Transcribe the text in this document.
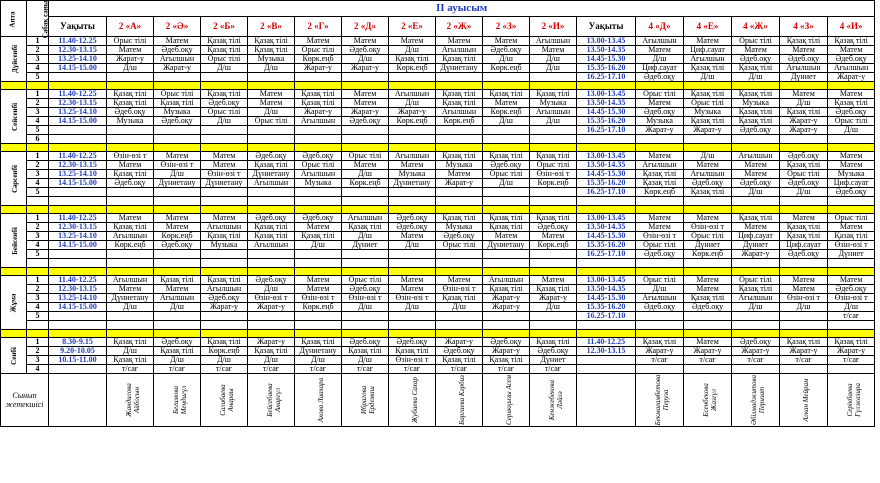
Апта	Сабақ саны	II ауысым																
		Уақыты	2 «А»	2 «Ә»	2 «Б»	2 «В»	2 «Г»	2 «Д»	2 «Е»	2 «Ж»	2 «З»	2 «И»	Уақыты	4 «Д»	4 «Е»	4 «Ж»	4 «З»	4 «И»
Дүйсенбі	1	11.40-12.25	Орыс тілі	Матем	Қазақ тілі	Қазақ тілі	Матем	Матем	Матем	Матем	Матем	Ағылшын	13.00-13.45	Ағылшын	Матем	Орыс тілі	Қазақ тілі	Қазақ тілі
	2	12.30-13.15	Матем	Әдеб.оқу	Қазақ тілі	Қазақ тілі	Орыс тілі	Әдеб.оқу	Д/ш	Ағылшын	Әдеб.оқу	Матем	13.50-14.35	Матем	Циф.сауат	Матем	Матем	Матем
	3	13.25-14.10	Жарат-у	Ағылшын	Орыс тілі	Музыка	Көрк.еңб	Д/ш	Қазақ тілі	Қазақ тілі	Д/ш	Д/ш	14.45-15.30	Д/ш	Ағылшын	Әдеб.оқу	Әдеб.оқу	Әдеб.оқу
	4	14.15-15.00	Д/ш	Жарат-у	Д/ш	Д/ш	Жарат-у	Жарат-у	Көрк.еңб	Дүниетану	Көрк.еңб	Д/ш	15.35-16.20	Циф.сауат	Қазақ тілі	Қазақ тілі	Ағылшын	Ағылшын
	5												16.25-17.10	Әдеб.оқу	Д/ш	Д/ш	Дүниет	Жарат-у

Сейсенбі	1	11.40-12.25	Қазақ тілі	Орыс тілі	Қазақ тілі	Матем	Қазақ тілі	Матем	Ағылшын	Қазақ тілі	Қазақ тілі	Қазақ тілі	13.00-13.45	Орыс тілі	Қазақ тілі	Қазақ тілі	Матем	Матем
	2	12.30-13.15	Қазақ тілі	Қазақ тілі	Әдеб.оқу	Матем	Қазақ тілі	Матем	Д/ш	Қазақ тілі	Матем	Музыка	13.50-14.35	Матем	Орыс тілі	Музыка	Д/ш	Қазақ тілі
	3	13.25-14.10	Әдеб.оқу	Музыка	Орыс тілі	Д/ш	Жарат-у	Жарат-у	Жарат-у	Ағылшын	Көрк.еңб	Ағылшын	14.45-15.30	Әдеб.оқу	Музыка	Қазақ тілі	Қазақ тілі	Әдеб.оқу
	4	14.15-15.00	Музыка	Әдеб.оқу	Д/ш	Орыс тілі	Ағылшын	Әдеб.оқу	Көрк.еңб	Көрк.еңб	Д/ш	Д/ш	15.35-16.20	Музыка	Қазақ тілі	Қазақ тілі	Жарат-у	Орыс тілі
	5												16.25-17.10	Жарат-у	Жарат-у	Әдеб.оқу	Жарат-у	Д/ш
	6																	

Сәрсенбі	1	11.40-12.25	Өзін-өзі т	Матем	Матем	Әдеб.оқу	Әдеб.оқу	Орыс тілі	Ағылшын	Қазақ тілі	Қазақ тілі	Қазақ тілі	13.00-13.45	Матем	Д/ш	Ағылшын	Әдеб.оқу	Матем
	2	12.30-13.15	Матем	Өзін-өзі т	Матем	Қазақ тілі	Орыс тілі	Матем	Матем	Музыка	Әдеб.оқу	Орыс тілі	13.50-14.35	Ағылшын	Матем	Матем	Қазақ тілі	Матем
	3	13.25-14.10	Қазақ тілі	Д/ш	Өзін-өзі т	Дүниетану	Ағылшын	Д/ш	Музыка	Матем	Орыс тілі	Өзін-өзі т	14.45-15.30	Қазақ тілі	Ағылшын	Матем	Орыс тілі	Музыка
	4	14.15-15.00	Әдеб.оқу	Дүниетану	Дүниетану	Ағылшын	Музыка	Көрк.еңб	Дүниетану	Жарат-у	Д/ш	Көрк.еңб	15.35-16.20	Қазақ тілі	Әдеб.оқу	Әдеб.оқу	Әдеб.оқу	Циф.сауат
	5												16.25-17.10	Көрк.еңб	Қазақ тілі	Д/ш	Д/ш	Әдеб.оқу

Бейсенбі	1	11.40-12.25	Матем	Матем	Матем	Әдеб.оқу	Әдеб.оқу	Ағылшын	Әдеб.оқу	Қазақ тілі	Қазақ тілі	Қазақ тілі	13.00-13.45	Матем	Матем	Қазақ тілі	Матем	Орыс тілі
	2	12.30-13.15	Қазақ тілі	Матем	Ағылшын	Қазақ тілі	Матем	Қазақ тілі	Әдеб.оқу	Музыка	Қазақ тілі	Әдеб.оқу	13.50-14.35	Матем	Өзін-өзі т	Матем	Қазақ тілі	Матем
	3	13.25-14.10	Ағылшын	Көрк.еңб	Қазақ тілі	Қазақ тілі	Қазақ тілі	Д/ш	Матем	Әдеб.оқу	Матем	Матем	14.45-15.30	Өзін-өзі т	Орыс тілі	Циф.сауат	Қазақ тілі	Қазақ тілі
	4	14.15-15.00	Көрк.еңб	Әдеб.оқу	Музыка	Ағылшын	Д/ш	Дүниет	Д/ш	Орыс тілі	Дүниетану	Көрк.еңб	15.35-16.20	Орыс тілі	Дүниет	Дүниет	Циф.сауат	Өзін-өзі т
	5												16.25-17.10	Әдеб.оқу	Көрк.еңб	Жарат-у	Әдеб.оқу	Дүниет

Жұма	1	11.40-12.25	Ағылшын	Қазақ тілі	Қазақ тілі	Әдеб.оқу	Матем	Орыс тілі	Матем	Матем	Ағылшын	Матем	13.00-13.45	Орыс тілі	Матем	Орыс тілі	Матем	Матем
	2	12.30-13.15	Матем	Матем	Ағылшын	Д/ш	Матем	Әдеб.оқу	Матем	Өзін-өзі т	Қазақ тілі	Қазақ тілі	13.50-14.35	Д/ш	Матем	Қазақ тілі	Матем	Әдеб.оқу
	3	13.25-14.10	Дүниетану	Ағылшын	Әдеб.оқу	Өзін-өзі т	Өзін-өзі т	Өзін-өзі т	Өзін-өзі т	Қазақ тілі	Жарат-у	Жарат-у	14.45-15.30	Ағылшын	Қазақ тілі	Ағылшын	Өзін-өзі т	Өзін-өзі т
	4	14.15-15.00	Д/ш	Д/ш	Жарат-у	Жарат-у	Көрк.еңб	Д/ш	Д/ш	Д/ш	Жарат-у	Д/ш	15.35-16.20	Әдеб.оқу	Әдеб.оқу	Д/ш	Д/ш	Д/ш
	5												16.25-17.10					т/сағ

Сенбі	1	8.30-9.15	Қазақ тілі	Әдеб.оқу	Қазақ тілі	Жарат-у	Қазақ тілі	Әдеб.оқу	Әдеб.оқу	Жарат-у	Әдеб.оқу	Қазақ тілі	11.40-12.25	Қазақ тілі	Матем	Әдеб.оқу	Қазақ тілі	Қазақ тілі
	2	9.20-10.05	Д/ш	Қазақ тілі	Көрк.еңб	Қазақ тілі	Дүниетану	Қазақ тілі	Қазақ тілі	Әдеб.оқу	Жарат-у	Әдеб.оқу	12.30-13.15	Жарат-у	Жарат-у	Жарат-у	Жарат-у	Жарат-у
	3	10.15-11.00	Қазақ тілі	Д/ш	Д/ш	Д/ш	Д/ш	Д/ш	Өзін-өзі т	Қазақ тілі	Қазақ тілі	Дүниет		т/сағ	т/сағ	т/сағ	т/сағ	т/сағ
	4		т/сағ	т/сағ	т/сағ	т/сағ	т/сағ	т/сағ	т/сағ	т/сағ	т/сағ	т/сағ						
Сынып жетекшісі			Жандилова Айбосын	Бегимова Меңдигүл	Салибаева Анараы	Бейсебаева Анаргүл	Ахова Лиахара	Ибрагова Ердемаш	Жубаева Сахар	Баргаева Кәрбиз	Серикқызы Асем	Кенжебекова Ләйлә		Бекмағамбетова Перуза	Есенбекова Жазгүл	Әбілмаджитова Перизат	Алкан Мейрам	Серікбаева Гүлжазира
